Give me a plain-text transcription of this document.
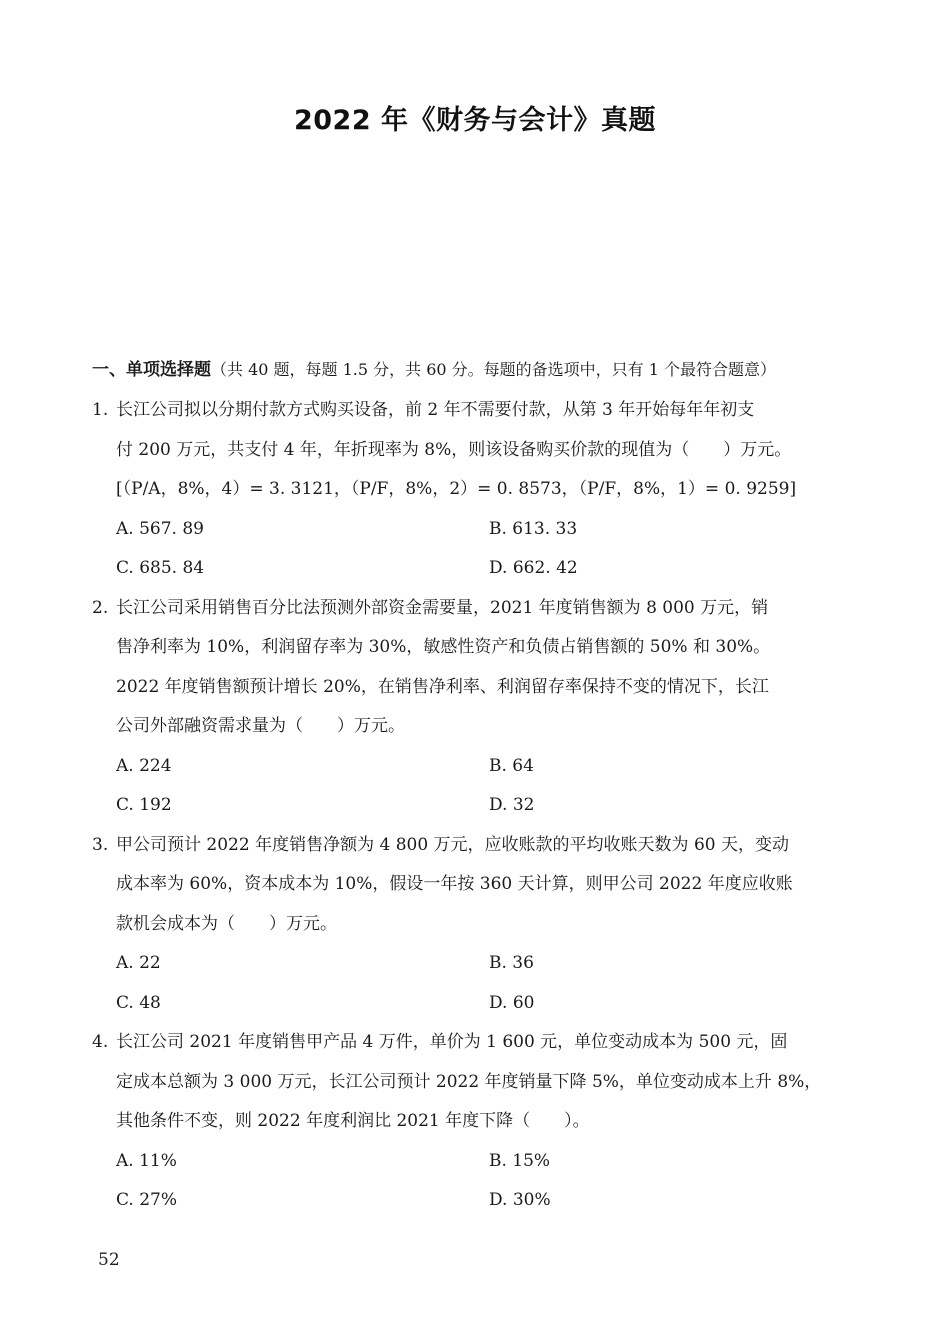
2022 年《财务与会计》真题
一、单项选择题（共 40 题，每题 1.5 分，共 60 分。每题的备选项中，只有 1 个最符合题意）
1. 长江公司拟以分期付款方式购买设备，前 2 年不需要付款，从第 3 年开始每年年初支
付 200 万元，共支付 4 年，年折现率为 8%，则该设备购买价款的现值为（　　）万元。
[（P/A，8%，4）= 3. 3121，（P/F，8%，2）= 0. 8573，（P/F，8%，1）= 0. 9259]
A. 567. 89	B. 613. 33
C. 685. 84	D. 662. 42
2. 长江公司采用销售百分比法预测外部资金需要量，2021 年度销售额为 8 000 万元，销
售净利率为 10%，利润留存率为 30%，敏感性资产和负债占销售额的 50% 和 30%。
2022 年度销售额预计增长 20%，在销售净利率、利润留存率保持不变的情况下，长江
公司外部融资需求量为（　　）万元。
A. 224	B. 64
C. 192	D. 32
3. 甲公司预计 2022 年度销售净额为 4 800 万元，应收账款的平均收账天数为 60 天，变动
成本率为 60%，资本成本为 10%，假设一年按 360 天计算，则甲公司 2022 年度应收账
款机会成本为（　　）万元。
A. 22	B. 36
C. 48	D. 60
4. 长江公司 2021 年度销售甲产品 4 万件，单价为 1 600 元，单位变动成本为 500 元，固
定成本总额为 3 000 万元，长江公司预计 2022 年度销量下降 5%，单位变动成本上升 8%，
其他条件不变，则 2022 年度利润比 2021 年度下降（　　）。
A. 11%	B. 15%
C. 27%	D. 30%
52
